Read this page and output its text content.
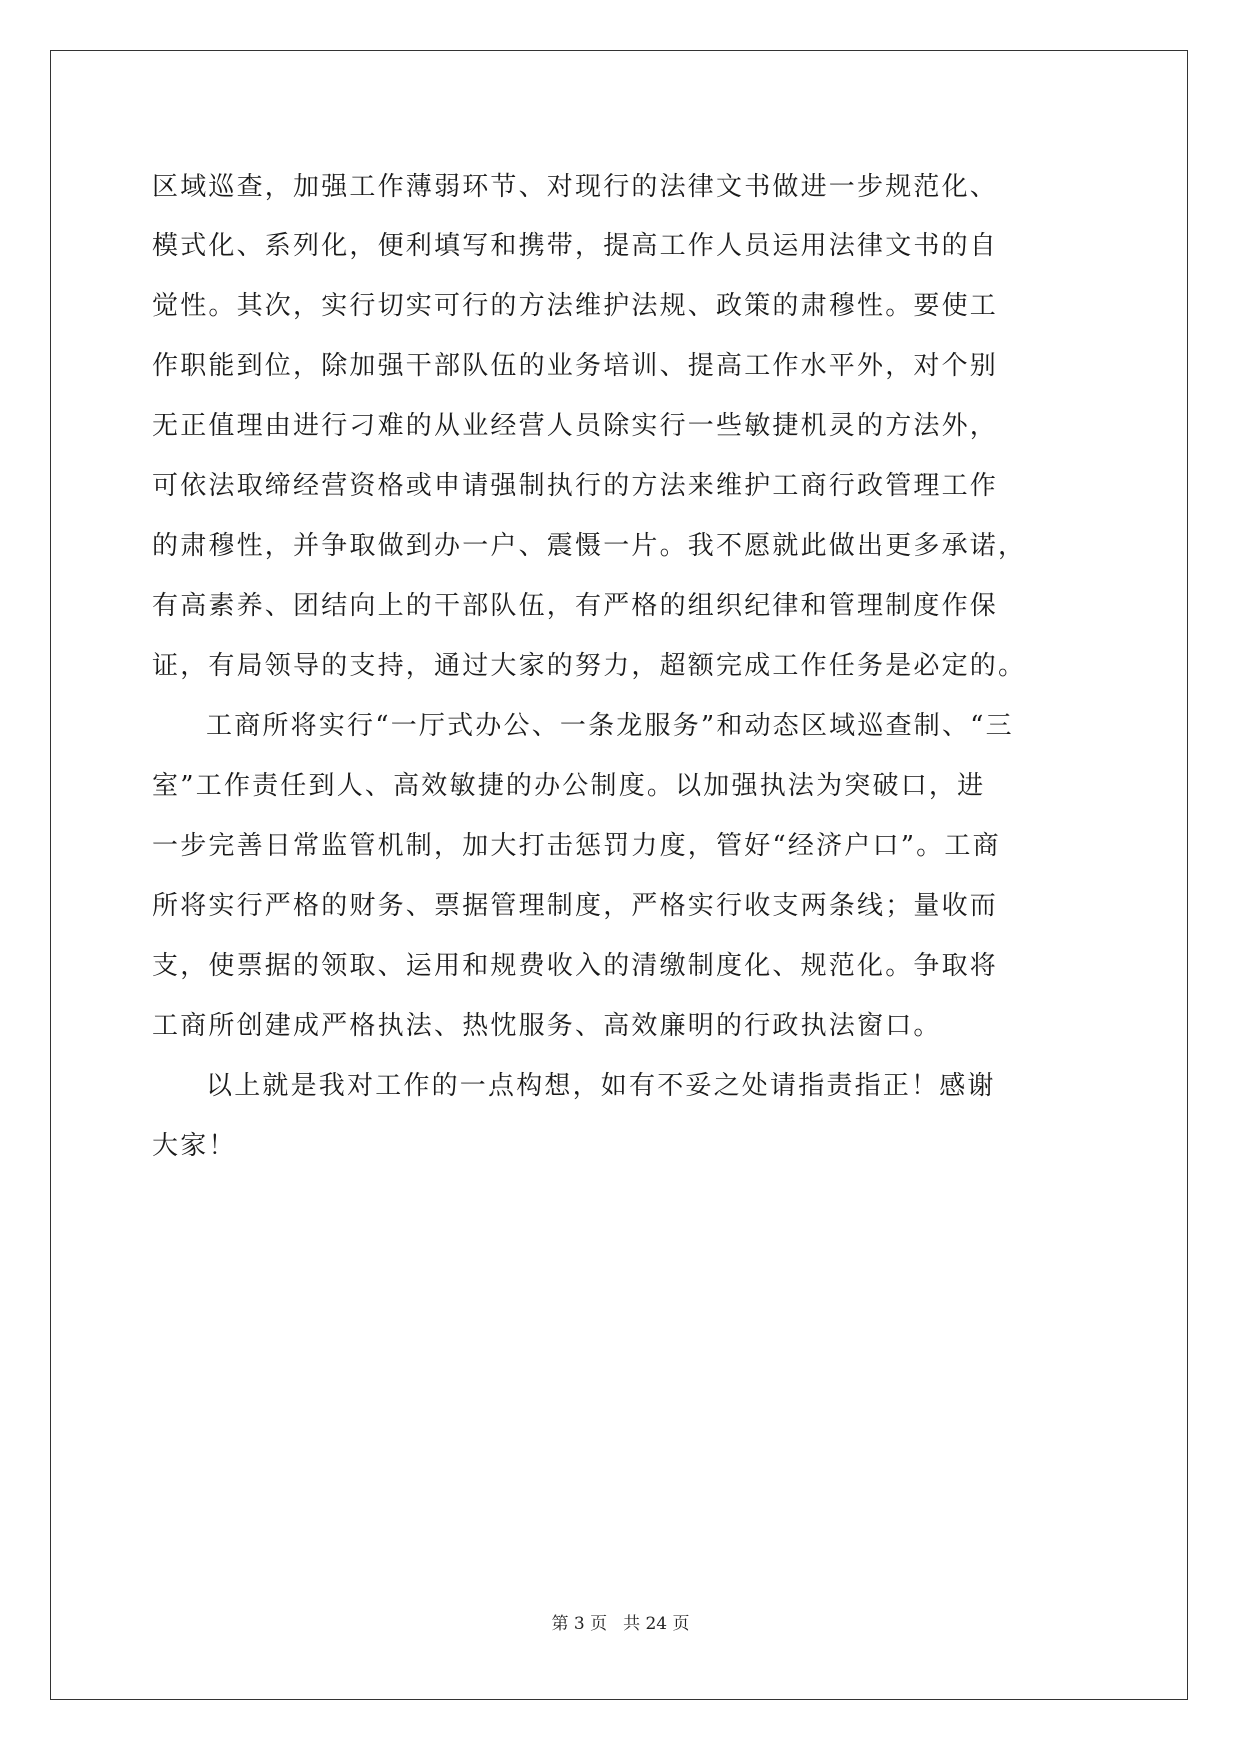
区域巡查，加强工作薄弱环节、对现行的法律文书做进一步规范化、
模式化、系列化，便利填写和携带，提高工作人员运用法律文书的自
觉性。其次，实行切实可行的方法维护法规、政策的肃穆性。要使工
作职能到位，除加强干部队伍的业务培训、提高工作水平外，对个别
无正值理由进行刁难的从业经营人员除实行一些敏捷机灵的方法外，
可依法取缔经营资格或申请强制执行的方法来维护工商行政管理工作
的肃穆性，并争取做到办一户、震慑一片。我不愿就此做出更多承诺，
有高素养、团结向上的干部队伍，有严格的组织纪律和管理制度作保
证，有局领导的支持，通过大家的努力，超额完成工作任务是必定的。
工商所将实行“一厅式办公、一条龙服务”和动态区域巡查制、“三
室”工作责任到人、高效敏捷的办公制度。以加强执法为突破口，进
一步完善日常监管机制，加大打击惩罚力度，管好“经济户口”。工商
所将实行严格的财务、票据管理制度，严格实行收支两条线；量收而
支，使票据的领取、运用和规费收入的清缴制度化、规范化。争取将
工商所创建成严格执法、热忱服务、高效廉明的行政执法窗口。
以上就是我对工作的一点构想，如有不妥之处请指责指正！感谢
大家！
第 3 页 共 24 页
